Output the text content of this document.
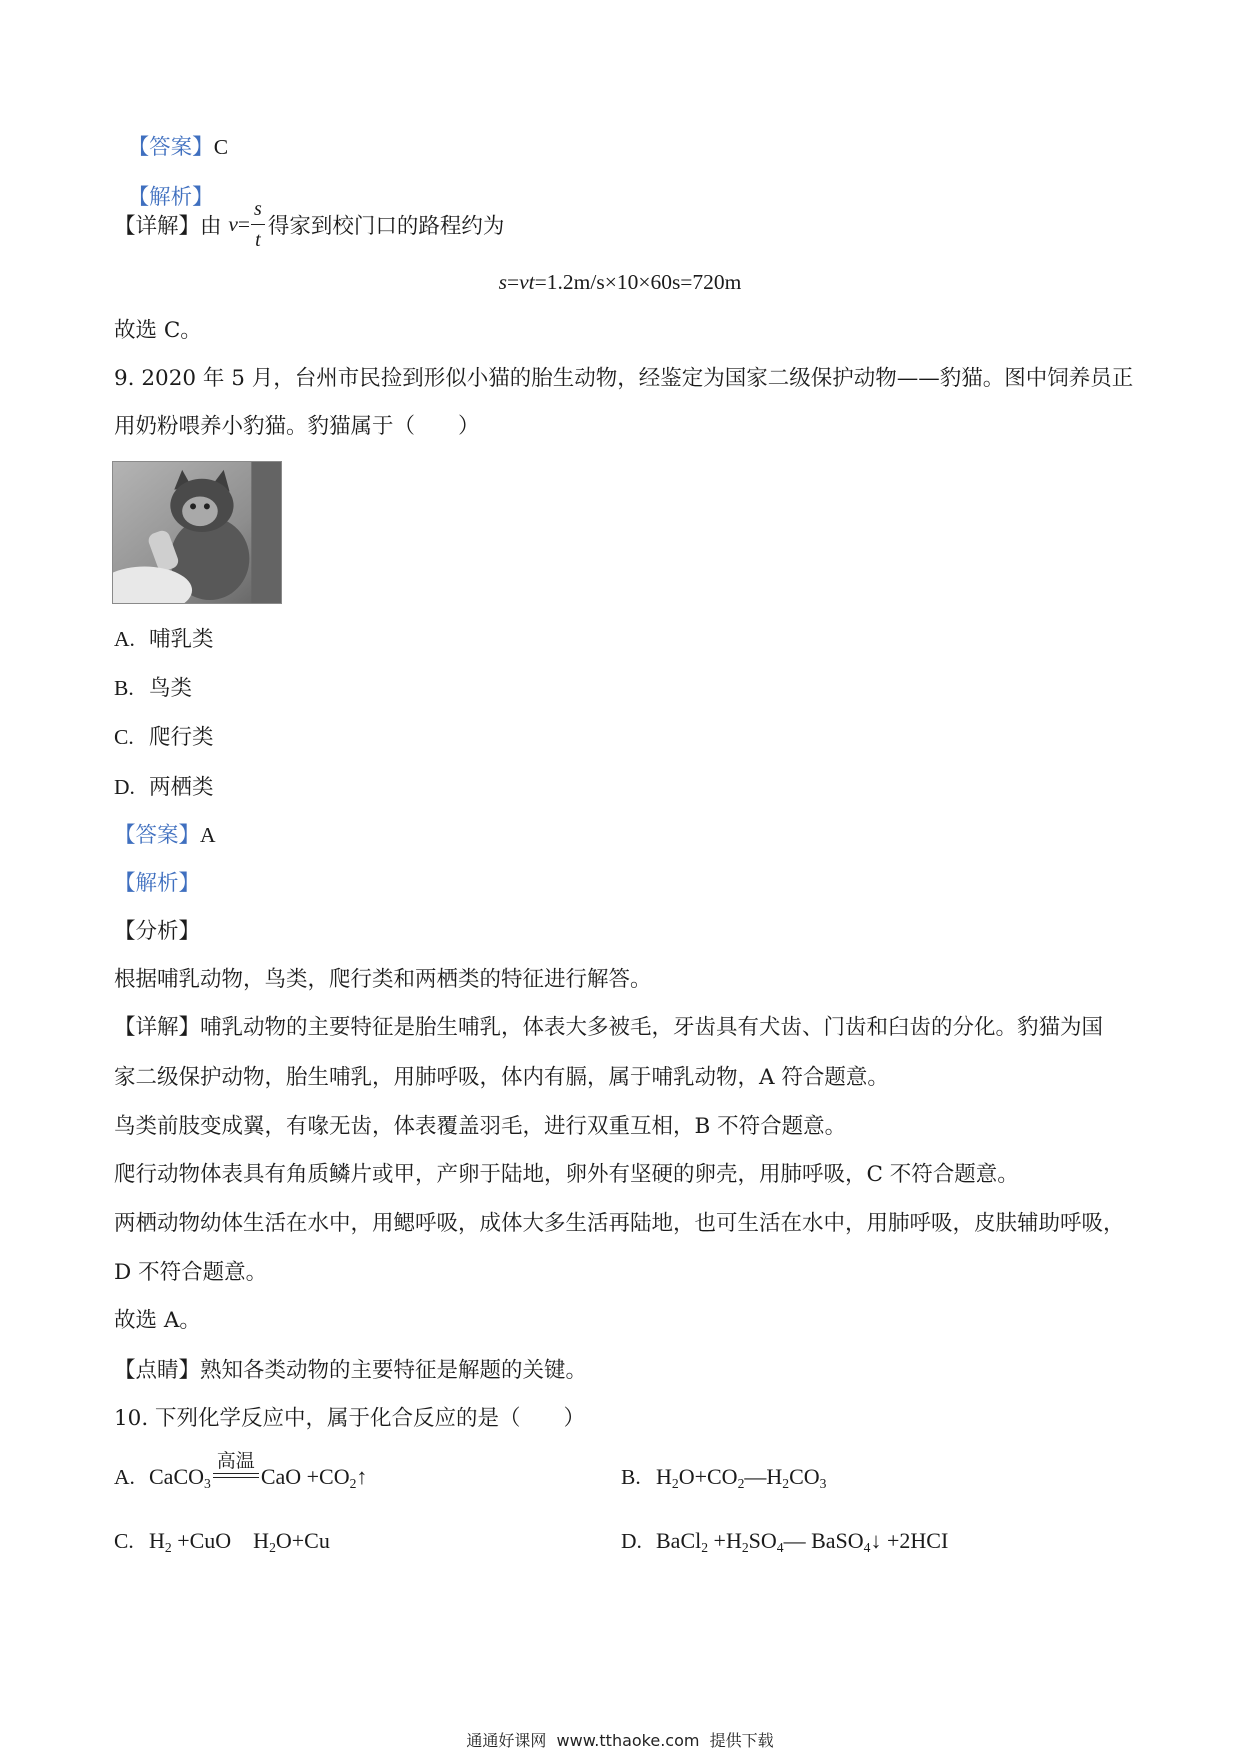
【答案】C

【解析】

【详解】 由 $v = \frac{s}{t}$ 得家到校门口的路程约为
s=vt=1.2m/s×10×60s=720m
故选 C。
9. 2020 年 5 月，台州市民捡到形似小猫的胎生动物，经鉴定为国家二级保护动物——豹猫。图中饲养员正
用奶粉喂养小豹猫。豹猫属于（　　）
A. 哺乳类
B. 鸟类
C. 爬行类
D. 两栖类
【答案】A
【解析】
【分析】
根据哺乳动物，鸟类，爬行类和两栖类的特征进行解答。
【详解】哺乳动物的主要特征是胎生哺乳，体表大多被毛，牙齿具有犬齿、门齿和臼齿的分化。豹猫为国
家二级保护动物，胎生哺乳，用肺呼吸，体内有膈，属于哺乳动物，A 符合题意。
鸟类前肢变成翼，有喙无齿，体表覆盖羽毛，进行双重互相，B 不符合题意。
爬行动物体表具有角质鳞片或甲，产卵于陆地，卵外有坚硬的卵壳，用肺呼吸，C 不符合题意。
两栖动物幼体生活在水中，用鳃呼吸，成体大多生活再陆地，也可生活在水中，用肺呼吸，皮肤辅助呼吸，
D 不符合题意。
故选 A。
【点睛】熟知各类动物的主要特征是解题的关键。
10. 下列化学反应中，属于化合反应的是（　　）
A. CaCO$_3$
高温
CaO $+CO_2↑$	B. $H_2O+CO_2—H_2CO_3$
C. $H_2 +CuO$    $H_2O+Cu$	D. BaCl$_2$ $+H_2SO_4—$ BaSO$_4$↓ +2HCI
通通好课网  www.tthaoke.com  提供下载
